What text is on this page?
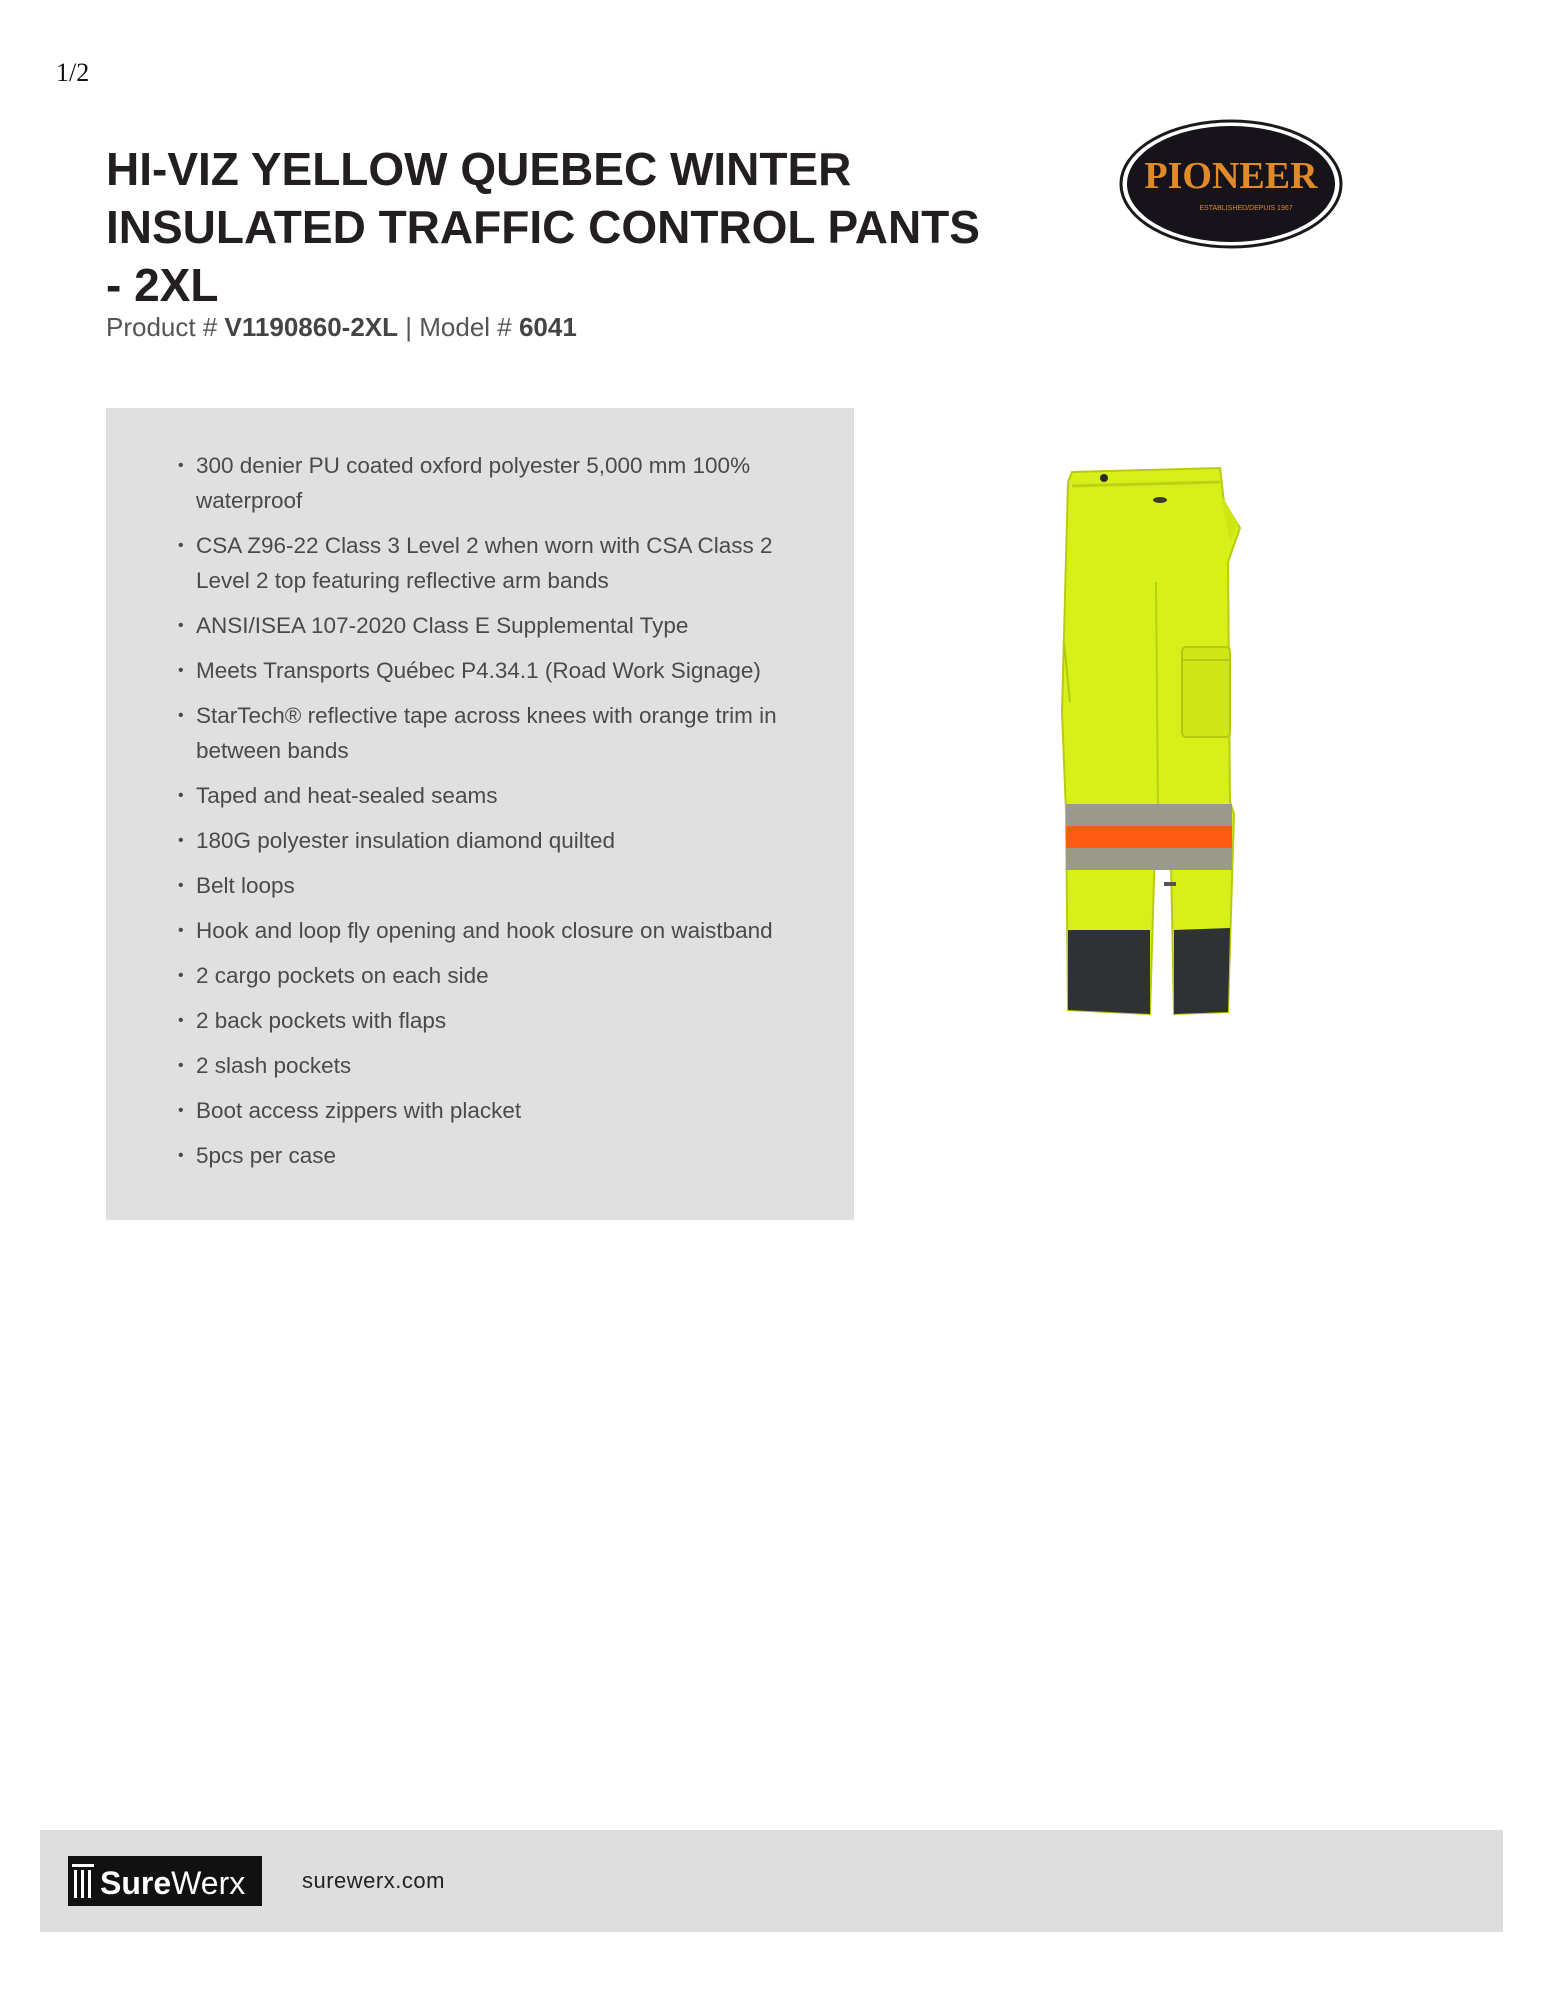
1/2
HI-VIZ YELLOW QUEBEC WINTER
INSULATED TRAFFIC CONTROL PANTS
- 2XL
Product # V1190860-2XL | Model # 6041
PIONEER
ESTABLISHED/DEPUIS 1967
• 300 denier PU coated oxford polyester 5,000 mm 100% waterproof
• CSA Z96-22 Class 3 Level 2 when worn with CSA Class 2 Level 2 top featuring reflective arm bands
• ANSI/ISEA 107-2020 Class E Supplemental Type
• Meets Transports Québec P4.34.1 (Road Work Signage)
• StarTech® reflective tape across knees with orange trim in between bands
• Taped and heat-sealed seams
• 180G polyester insulation diamond quilted
• Belt loops
• Hook and loop fly opening and hook closure on waistband
• 2 cargo pockets on each side
• 2 back pockets with flaps
• 2 slash pockets
• Boot access zippers with placket
• 5pcs per case
SureWerx	surewerx.com
